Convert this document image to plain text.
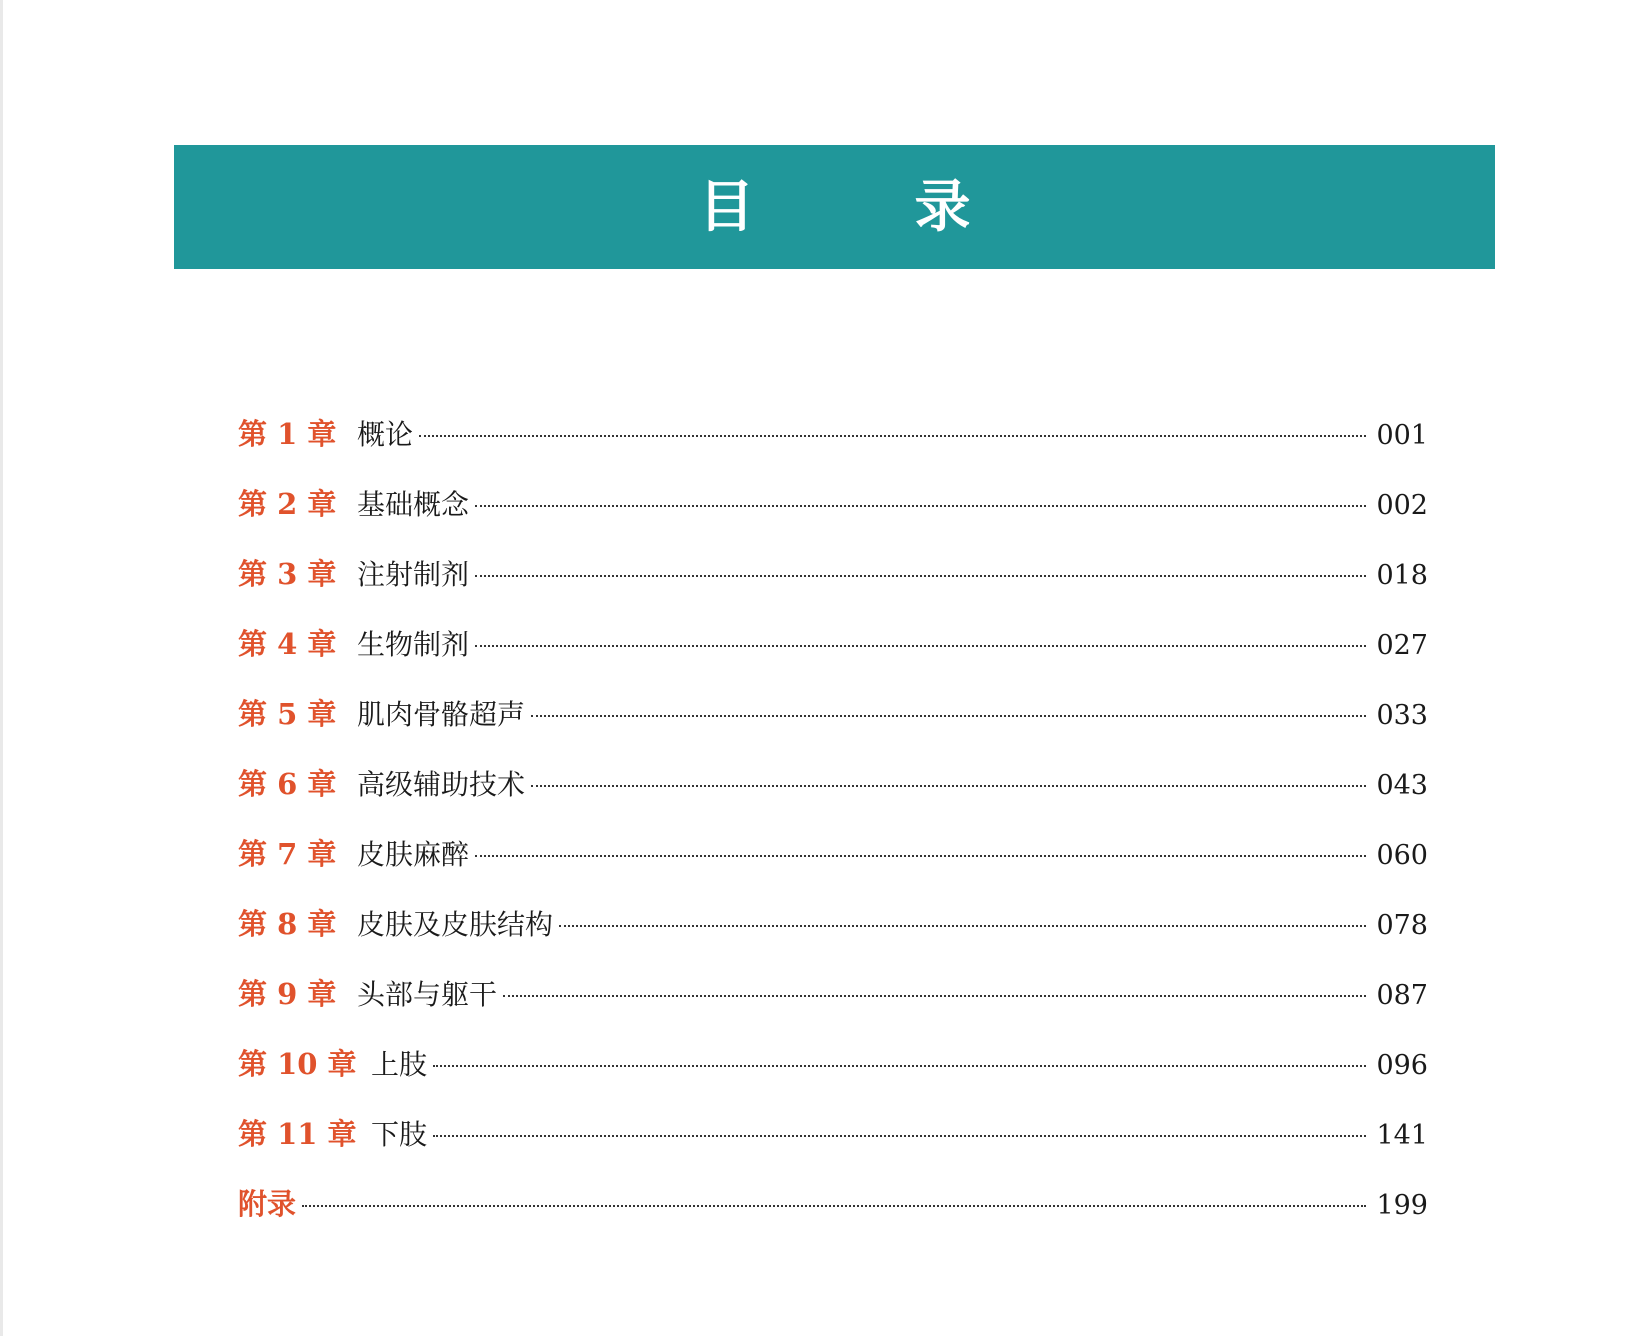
目　录
第 1 章 概论	001
第 2 章 基础概念	002
第 3 章 注射制剂	018
第 4 章 生物制剂	027
第 5 章 肌肉骨骼超声	033
第 6 章 高级辅助技术	043
第 7 章 皮肤麻醉	060
第 8 章 皮肤及皮肤结构	078
第 9 章 头部与躯干	087
第 10 章 上肢	096
第 11 章 下肢	141
附录	199
